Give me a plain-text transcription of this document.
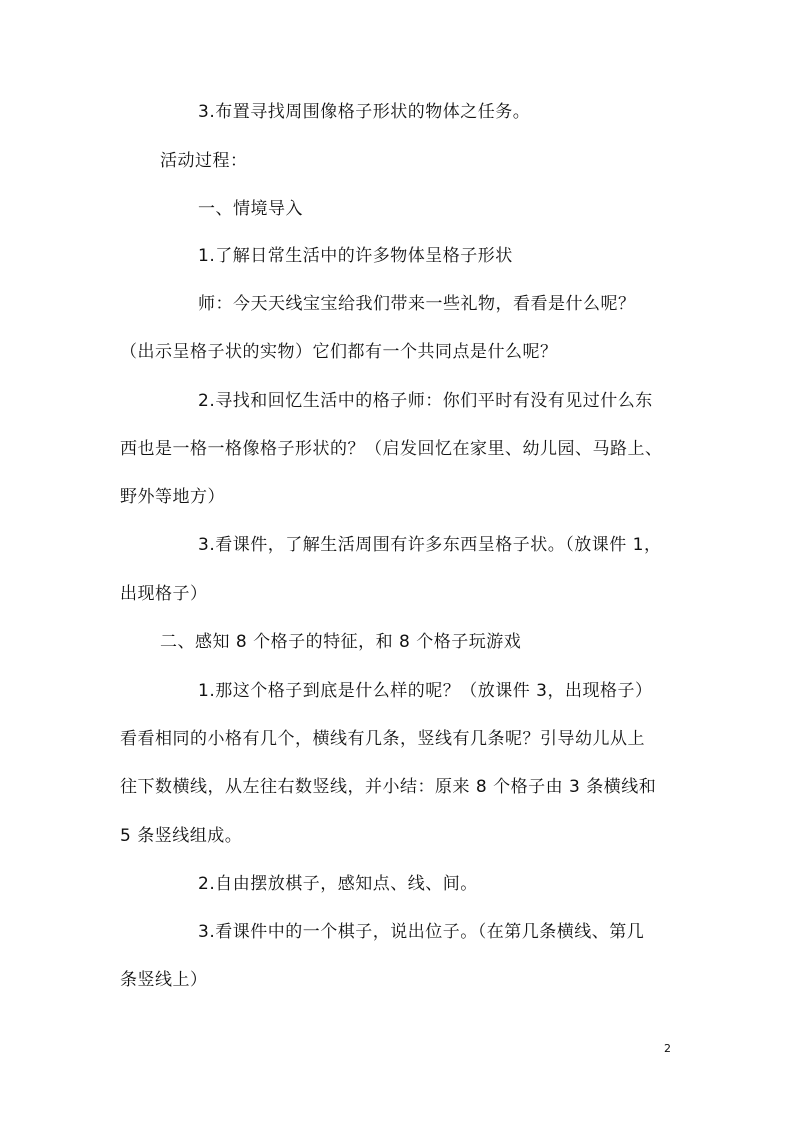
3.布置寻找周围像格子形状的物体之任务。
活动过程：
一、情境导入
1.了解日常生活中的许多物体呈格子形状
师：今天天线宝宝给我们带来一些礼物，看看是什么呢？
（出示呈格子状的实物）它们都有一个共同点是什么呢？
2.寻找和回忆生活中的格子师：你们平时有没有见过什么东
西也是一格一格像格子形状的？（启发回忆在家里、幼儿园、马路上、
野外等地方）
3.看课件，了解生活周围有许多东西呈格子状。（放课件 1，
出现格子）
二、感知 8 个格子的特征，和 8 个格子玩游戏
1.那这个格子到底是什么样的呢？（放课件 3，出现格子）
看看相同的小格有几个，横线有几条，竖线有几条呢？引导幼儿从上
往下数横线，从左往右数竖线，并小结：原来 8 个格子由 3 条横线和
5 条竖线组成。
2.自由摆放棋子，感知点、线、间。
3.看课件中的一个棋子，说出位子。（在第几条横线、第几
条竖线上）
2
